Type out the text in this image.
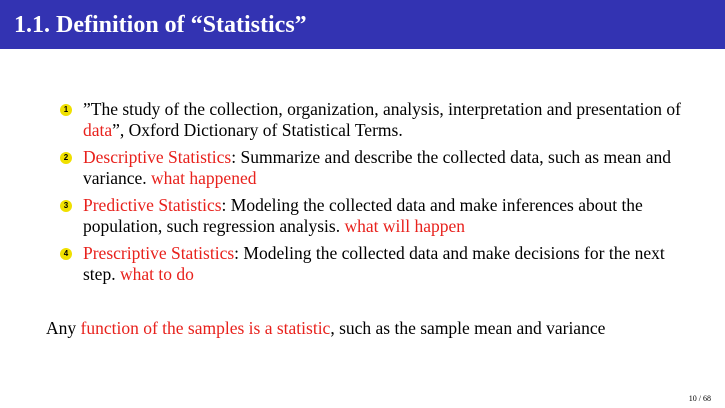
1.1. Definition of “Statistics”
1 ”The study of the collection, organization, analysis, interpretation and presentation of data”, Oxford Dictionary of Statistical Terms.
2 Descriptive Statistics: Summarize and describe the collected data, such as mean and variance. what happened
3 Predictive Statistics: Modeling the collected data and make inferences about the population, such regression analysis. what will happen
4 Prescriptive Statistics: Modeling the collected data and make decisions for the next step. what to do
Any function of the samples is a statistic, such as the sample mean and variance
10 / 68
